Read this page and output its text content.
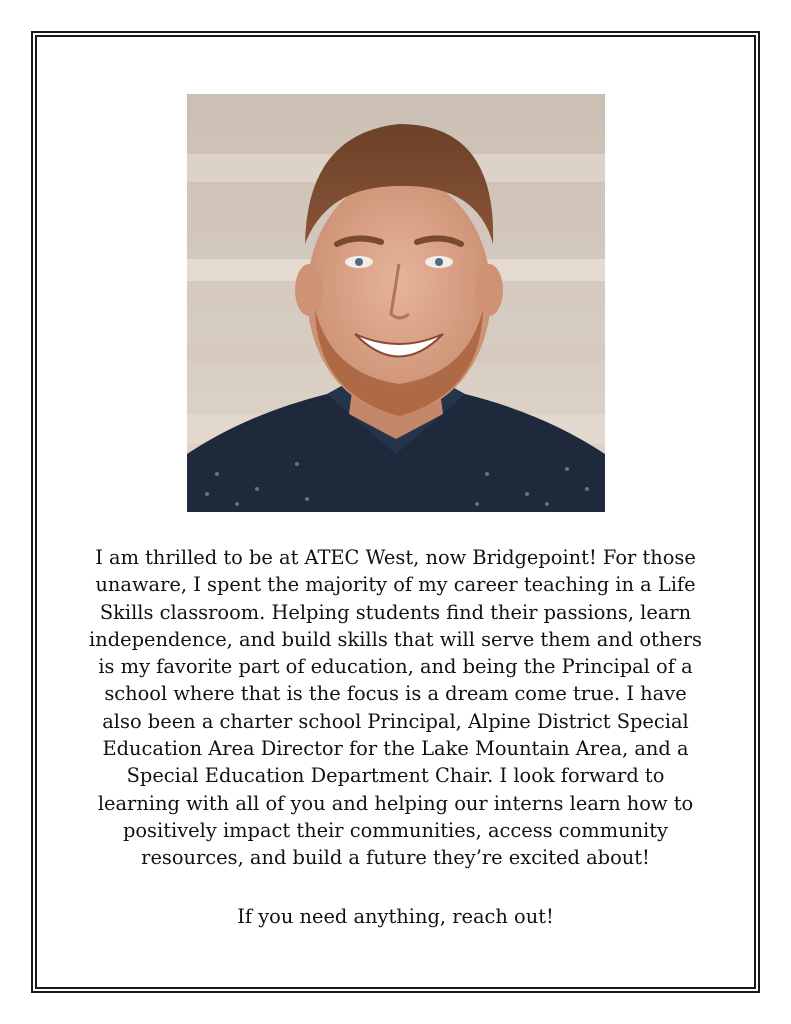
I am thrilled to be at ATEC West, now Bridgepoint! For those unaware, I spent the majority of my career teaching in a Life Skills classroom. Helping students find their passions, learn independence, and build skills that will serve them and others is my favorite part of education, and being the Principal of a school where that is the focus is a dream come true. I have also been a charter school Principal, Alpine District Special Education Area Director for the Lake Mountain Area, and a Special Education Department Chair. I look forward to learning with all of you and helping our interns learn how to positively impact their communities, access community resources, and build a future they’re excited about!

If you need anything, reach out!
